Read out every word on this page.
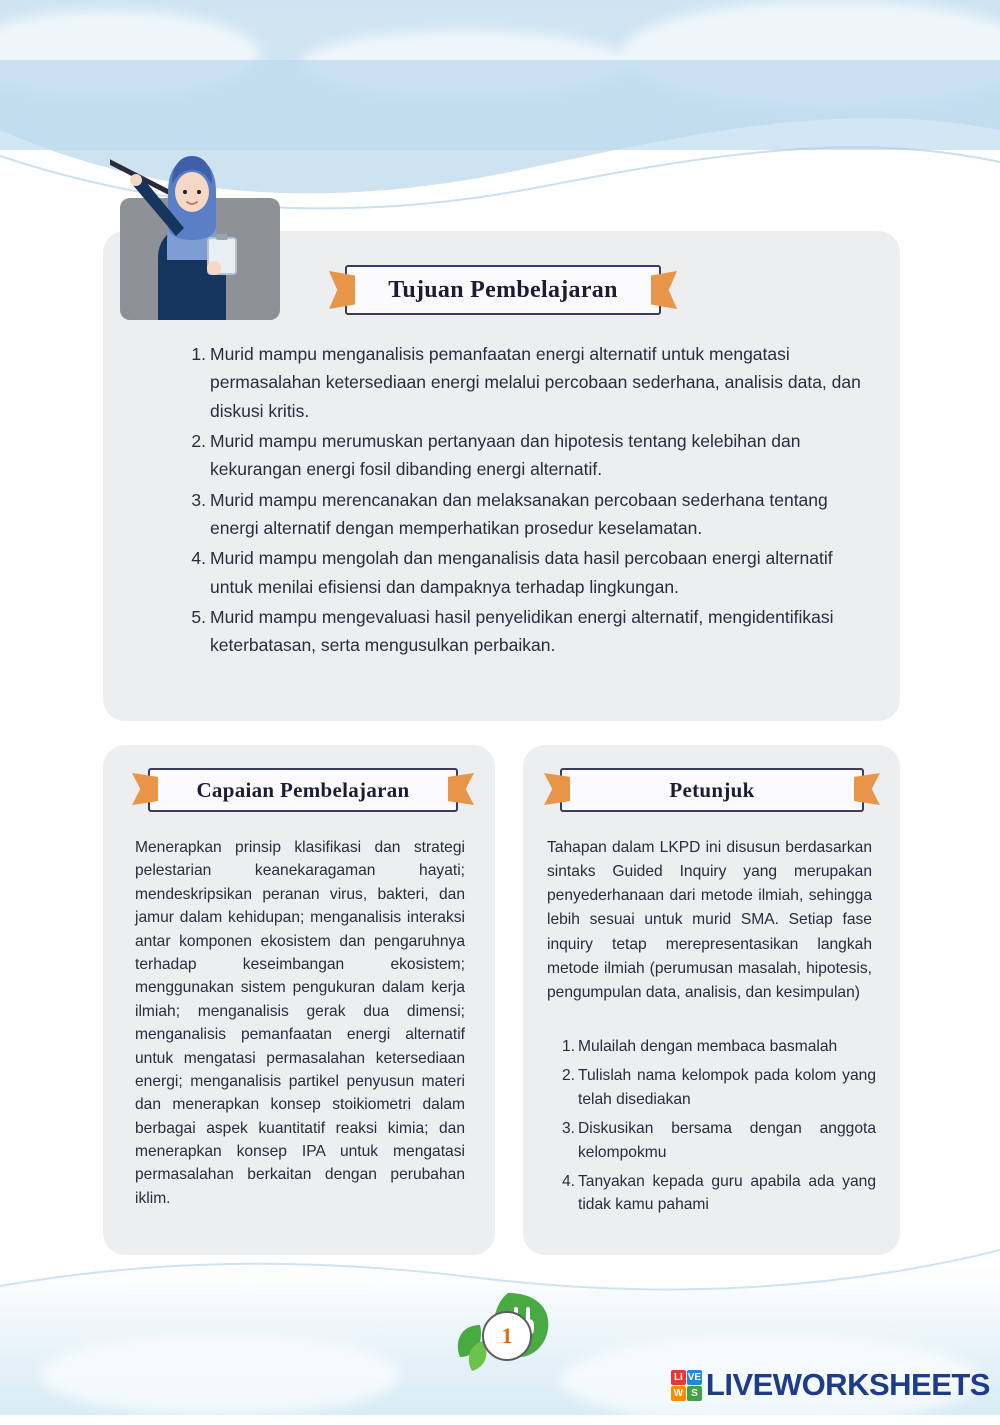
Tujuan Pembelajaran
1. Murid mampu menganalisis pemanfaatan energi alternatif untuk mengatasi permasalahan ketersediaan energi melalui percobaan sederhana, analisis data, dan diskusi kritis.
2. Murid mampu merumuskan pertanyaan dan hipotesis tentang kelebihan dan kekurangan energi fosil dibanding energi alternatif.
3. Murid mampu merencanakan dan melaksanakan percobaan sederhana tentang energi alternatif dengan memperhatikan prosedur keselamatan.
4. Murid mampu mengolah dan menganalisis data hasil percobaan energi alternatif untuk menilai efisiensi dan dampaknya terhadap lingkungan.
5. Murid mampu mengevaluasi hasil penyelidikan energi alternatif, mengidentifikasi keterbatasan, serta mengusulkan perbaikan.
Capaian Pembelajaran
Menerapkan prinsip klasifikasi dan strategi pelestarian keanekaragaman hayati; mendeskripsikan peranan virus, bakteri, dan jamur dalam kehidupan; menganalisis interaksi antar komponen ekosistem dan pengaruhnya terhadap keseimbangan ekosistem; menggunakan sistem pengukuran dalam kerja ilmiah; menganalisis gerak dua dimensi; menganalisis pemanfaatan energi alternatif untuk mengatasi permasalahan ketersediaan energi; menganalisis partikel penyusun materi dan menerapkan konsep stoikiometri dalam berbagai aspek kuantitatif reaksi kimia; dan menerapkan konsep IPA untuk mengatasi permasalahan berkaitan dengan perubahan iklim.
Petunjuk
Tahapan dalam LKPD ini disusun berdasarkan sintaks Guided Inquiry yang merupakan penyederhanaan dari metode ilmiah, sehingga lebih sesuai untuk murid SMA. Setiap fase inquiry tetap merepresentasikan langkah metode ilmiah (perumusan masalah, hipotesis, pengumpulan data, analisis, dan kesimpulan)
1. Mulailah dengan membaca basmalah
2. Tulislah nama kelompok pada kolom yang telah disediakan
3. Diskusikan bersama dengan anggota kelompokmu
4. Tanyakan kepada guru apabila ada yang tidak kamu pahami
1
LI VE
W S LIVEWORKSHEETS
